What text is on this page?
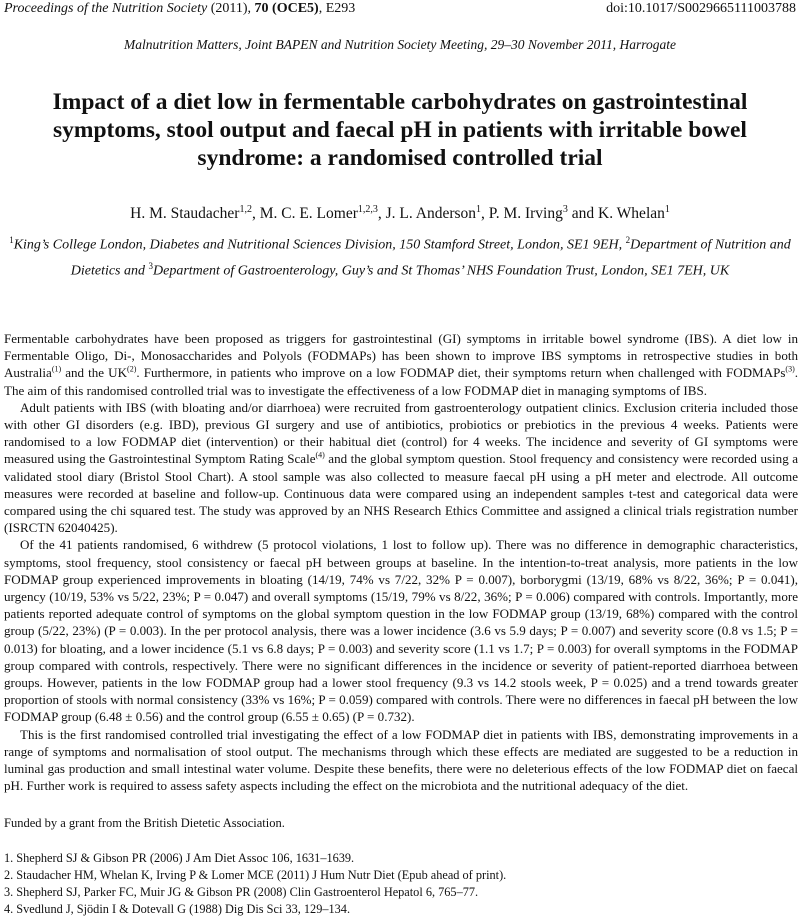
Proceedings of the Nutrition Society (2011), 70 (OCE5), E293	doi:10.1017/S0029665111003788
Malnutrition Matters, Joint BAPEN and Nutrition Society Meeting, 29–30 November 2011, Harrogate
Impact of a diet low in fermentable carbohydrates on gastrointestinal symptoms, stool output and faecal pH in patients with irritable bowel syndrome: a randomised controlled trial
H. M. Staudacher$^{1,2}$, M. C. E. Lomer$^{1,2,3}$, J. L. Anderson$^1$, P. M. Irving$^3$ and K. Whelan$^1$
$^1$King’s College London, Diabetes and Nutritional Sciences Division, 150 Stamford Street, London, SE1 9EH, $^2$Department of Nutrition and Dietetics and $^3$Department of Gastroenterology, Guy’s and St Thomas’ NHS Foundation Trust, London, SE1 7EH, UK

Fermentable carbohydrates have been proposed as triggers for gastrointestinal (GI) symptoms in irritable bowel syndrome (IBS). A diet low in Fermentable Oligo, Di-, Monosaccharides and Polyols (FODMAPs) has been shown to improve IBS symptoms in retrospective studies in both Australia$^{(1)}$ and the UK$^{(2)}$. Furthermore, in patients who improve on a low FODMAP diet, their symptoms return when challenged with FODMAPs$^{(3)}$. The aim of this randomised controlled trial was to investigate the effectiveness of a low FODMAP diet in managing symptoms of IBS.

Adult patients with IBS (with bloating and/or diarrhoea) were recruited from gastroenterology outpatient clinics. Exclusion criteria included those with other GI disorders (e.g. IBD), previous GI surgery and use of antibiotics, probiotics or prebiotics in the previous 4 weeks. Patients were randomised to a low FODMAP diet (intervention) or their habitual diet (control) for 4 weeks. The incidence and severity of GI symptoms were measured using the Gastrointestinal Symptom Rating Scale$^{(4)}$ and the global symptom question. Stool frequency and consistency were recorded using a validated stool diary (Bristol Stool Chart). A stool sample was also collected to measure faecal pH using a pH meter and electrode. All outcome measures were recorded at baseline and follow-up. Continuous data were compared using an independent samples t-test and categorical data were compared using the chi squared test. The study was approved by an NHS Research Ethics Committee and assigned a clinical trials registration number (ISRCTN 62040425).

Of the 41 patients randomised, 6 withdrew (5 protocol violations, 1 lost to follow up). There was no difference in demographic characteristics, symptoms, stool frequency, stool consistency or faecal pH between groups at baseline. In the intention-to-treat analysis, more patients in the low FODMAP group experienced improvements in bloating (14/19, 74% vs 7/22, 32% P = 0.007), borborygmi (13/19, 68% vs 8/22, 36%; P = 0.041), urgency (10/19, 53% vs 5/22, 23%; P = 0.047) and overall symptoms (15/19, 79% vs 8/22, 36%; P = 0.006) compared with controls. Importantly, more patients reported adequate control of symptoms on the global symptom question in the low FODMAP group (13/19, 68%) compared with the control group (5/22, 23%) (P = 0.003). In the per protocol analysis, there was a lower incidence (3.6 vs 5.9 days; P = 0.007) and severity score (0.8 vs 1.5; P = 0.013) for bloating, and a lower incidence (5.1 vs 6.8 days; P = 0.003) and severity score (1.1 vs 1.7; P = 0.003) for overall symptoms in the FODMAP group compared with controls, respectively. There were no significant differences in the incidence or severity of patient-reported diarrhoea between groups. However, patients in the low FODMAP group had a lower stool frequency (9.3 vs 14.2 stools week, P = 0.025) and a trend towards greater proportion of stools with normal consistency (33% vs 16%; P = 0.059) compared with controls. There were no differences in faecal pH between the low FODMAP group (6.48 ± 0.56) and the control group (6.55 ± 0.65) (P = 0.732).

This is the first randomised controlled trial investigating the effect of a low FODMAP diet in patients with IBS, demonstrating improvements in a range of symptoms and normalisation of stool output. The mechanisms through which these effects are mediated are suggested to be a reduction in luminal gas production and small intestinal water volume. Despite these benefits, there were no deleterious effects of the low FODMAP diet on faecal pH. Further work is required to assess safety aspects including the effect on the microbiota and the nutritional adequacy of the diet.

Funded by a grant from the British Dietetic Association.
1. Shepherd SJ & Gibson PR (2006) J Am Diet Assoc 106, 1631–1639.
2. Staudacher HM, Whelan K, Irving P & Lomer MCE (2011) J Hum Nutr Diet (Epub ahead of print).
3. Shepherd SJ, Parker FC, Muir JG & Gibson PR (2008) Clin Gastroenterol Hepatol 6, 765–77.
4. Svedlund J, Sjödin I & Dotevall G (1988) Dig Dis Sci 33, 129–134.
